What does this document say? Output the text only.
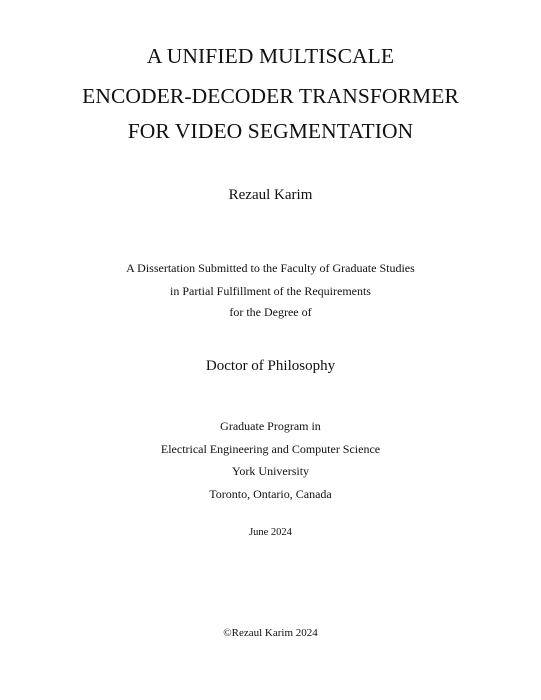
A UNIFIED MULTISCALE
ENCODER-DECODER TRANSFORMER
FOR VIDEO SEGMENTATION
Rezaul Karim
A Dissertation Submitted to the Faculty of Graduate Studies
in Partial Fulfillment of the Requirements
for the Degree of
Doctor of Philosophy
Graduate Program in
Electrical Engineering and Computer Science
York University
Toronto, Ontario, Canada
June 2024
©Rezaul Karim 2024
